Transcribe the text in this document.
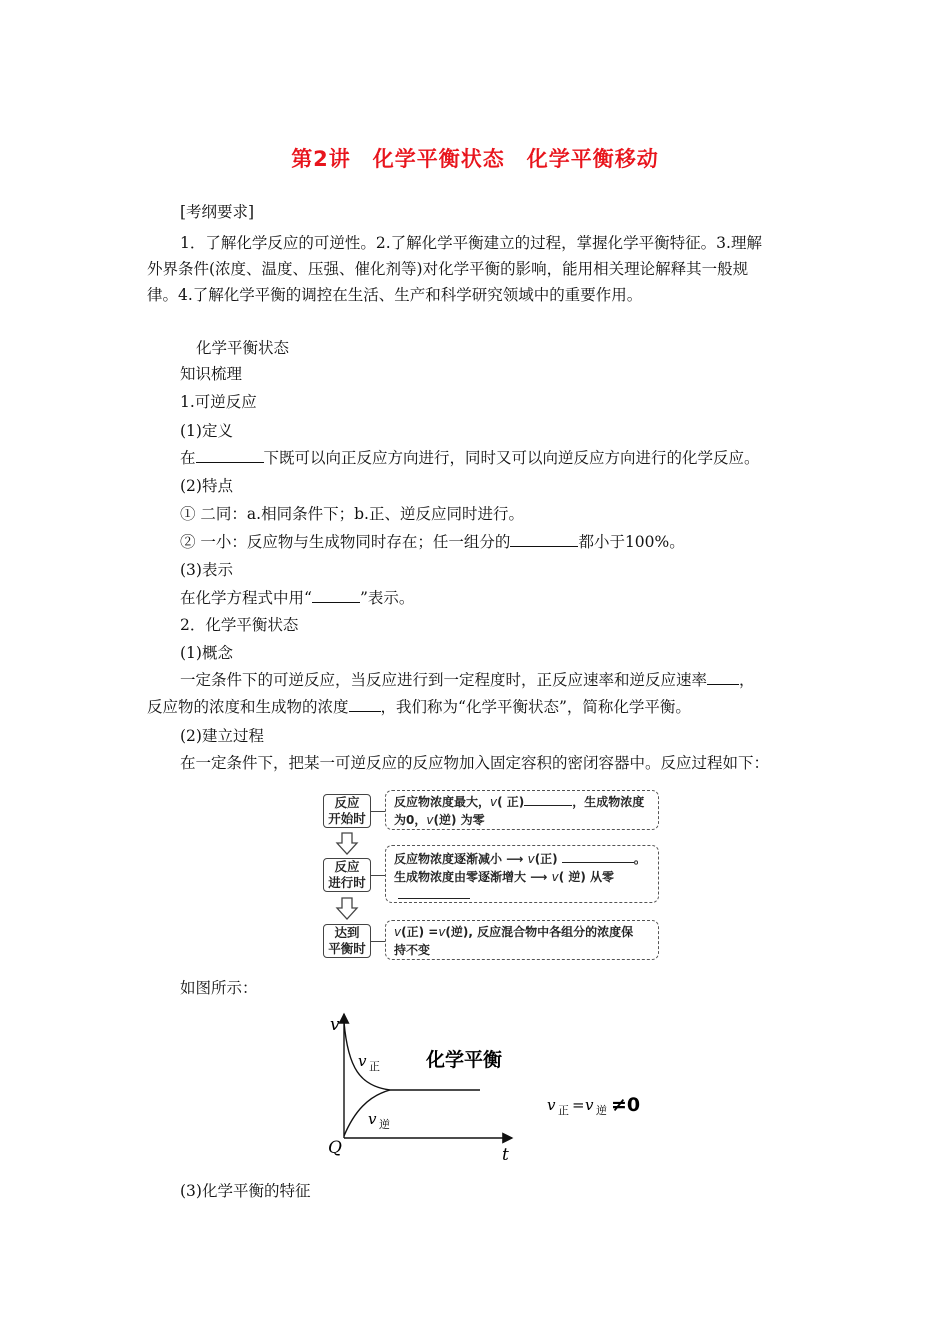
第2讲　化学平衡状态　化学平衡移动
[考纲要求]
1．了解化学反应的可逆性。2.了解化学平衡建立的过程，掌握化学平衡特征。3.理解
外界条件(浓度、温度、压强、催化剂等)对化学平衡的影响，能用相关理论解释其一般规
律。4.了解化学平衡的调控在生活、生产和科学研究领域中的重要作用。
化学平衡状态
知识梳理
1.可逆反应
(1)定义
在	下既可以向正反应方向进行，同时又可以向逆反应方向进行的化学反应。
(2)特点
① 二同：a.相同条件下；b.正、逆反应同时进行。
② 一小：反应物与生成物同时存在；任一组分的	都小于100%。
(3)表示
在化学方程式中用“	”表示。
2．化学平衡状态
(1)概念
一定条件下的可逆反应，当反应进行到一定程度时，正反应速率和逆反应速率 ，
反应物的浓度和生成物的浓度 ，我们称为“化学平衡状态”，简称化学平衡。
(2)建立过程
在一定条件下，把某一可逆反应的反应物加入固定容积的密闭容器中。反应过程如下：
反应
开始时
反应物浓度最大，v( 正)	，生成物浓度
为0，v(逆) 为零
反应
进行时
反应物浓度逐渐减小 ⟶ v(正)	。
生成物浓度由零逐渐增大 ⟶ v( 逆) 从零
达到
平衡时
v(正) =v(逆), 反应混合物中各组分的浓度保
持不变
如图所示：
v
t
Q
v 正
v 逆
化学平衡
v 正 = v 逆 ≠0
(3)化学平衡的特征
